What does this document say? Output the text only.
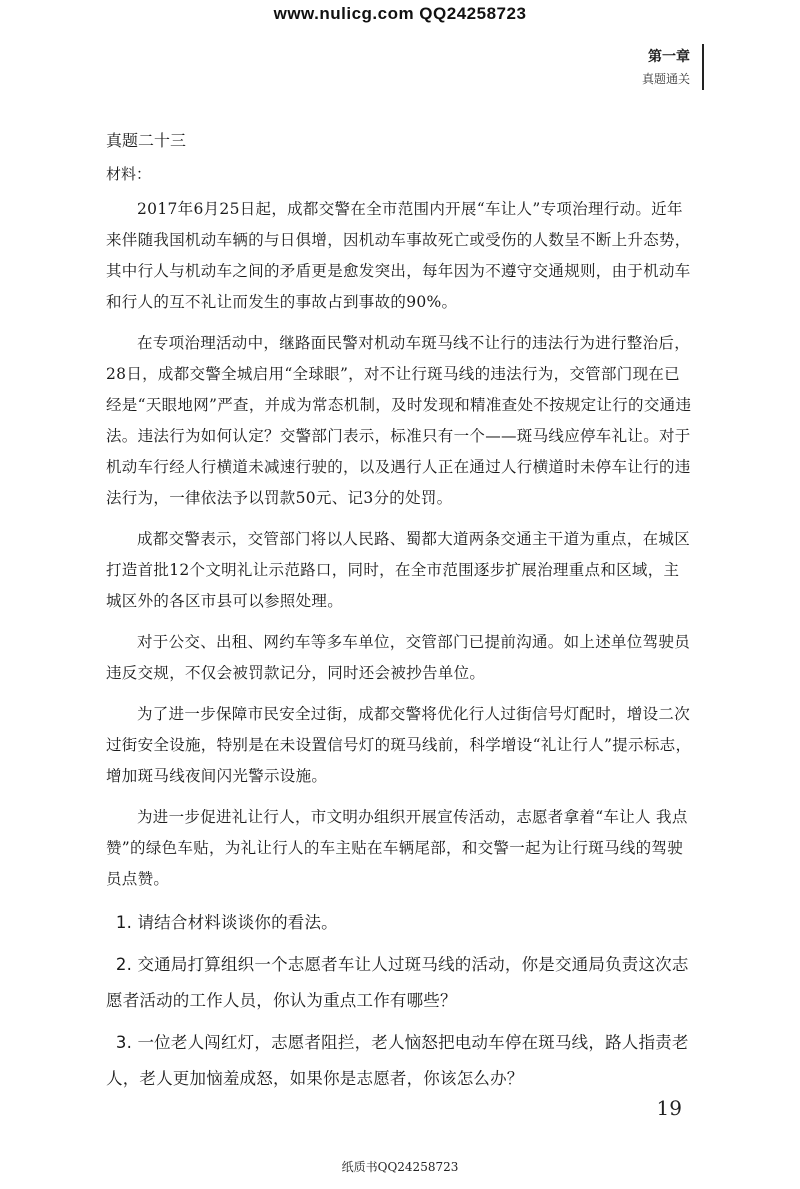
www.nulicg.com QQ24258723
第一章
真题通关
真题二十三
材料：

2017年6月25日起，成都交警在全市范围内开展“车让人”专项治理行动。近年来伴随我国机动车辆的与日俱增，因机动车事故死亡或受伤的人数呈不断上升态势，其中行人与机动车之间的矛盾更是愈发突出，每年因为不遵守交通规则，由于机动车和行人的互不礼让而发生的事故占到事故的90%。

在专项治理活动中，继路面民警对机动车斑马线不让行的违法行为进行整治后，28日，成都交警全城启用“全球眼”，对不让行斑马线的违法行为，交管部门现在已经是“天眼地网”严查，并成为常态机制，及时发现和精准查处不按规定让行的交通违法。违法行为如何认定？交警部门表示，标准只有一个——斑马线应停车礼让。对于机动车行经人行横道未减速行驶的，以及遇行人正在通过人行横道时未停车让行的违法行为，一律依法予以罚款50元、记3分的处罚。

成都交警表示，交管部门将以人民路、蜀都大道两条交通主干道为重点，在城区打造首批12个文明礼让示范路口，同时，在全市范围逐步扩展治理重点和区域，主城区外的各区市县可以参照处理。

对于公交、出租、网约车等多车单位，交管部门已提前沟通。如上述单位驾驶员违反交规，不仅会被罚款记分，同时还会被抄告单位。

为了进一步保障市民安全过街，成都交警将优化行人过街信号灯配时，增设二次过街安全设施，特别是在未设置信号灯的斑马线前，科学增设“礼让行人”提示标志，增加斑马线夜间闪光警示设施。

为进一步促进礼让行人，市文明办组织开展宣传活动，志愿者拿着“车让人 我点赞”的绿色车贴，为礼让行人的车主贴在车辆尾部，和交警一起为让行斑马线的驾驶员点赞。

1. 请结合材料谈谈你的看法。

2. 交通局打算组织一个志愿者车让人过斑马线的活动，你是交通局负责这次志愿者活动的工作人员，你认为重点工作有哪些？

3. 一位老人闯红灯，志愿者阻拦，老人恼怒把电动车停在斑马线，路人指责老人，老人更加恼羞成怒，如果你是志愿者，你该怎么办？

19
纸质书QQ24258723
